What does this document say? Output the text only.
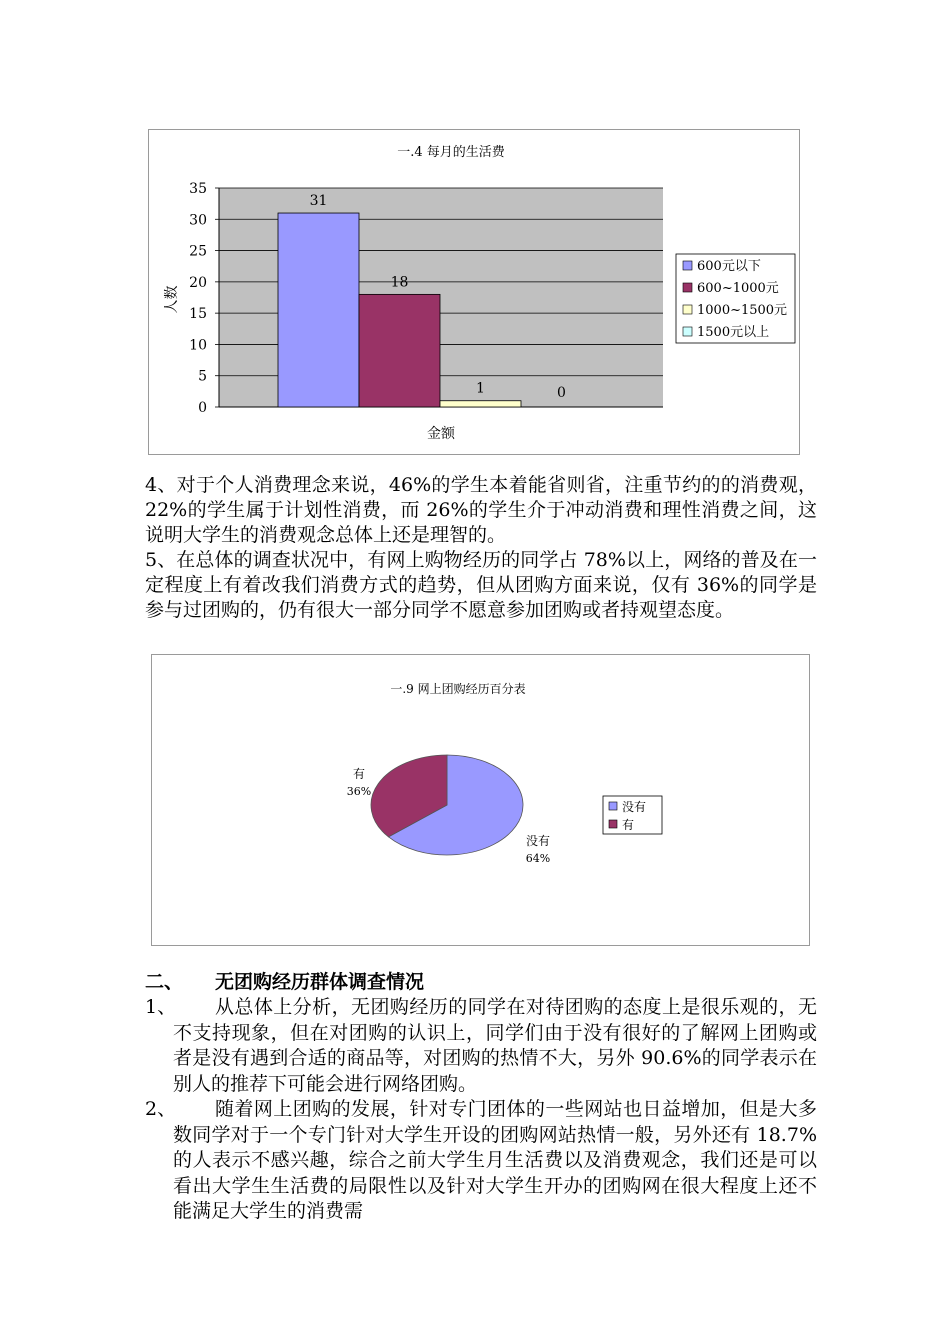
一.4 每月的生活费
0
5
10
15
20
25
30
35
31
18
1	0
金额
人数
600元以下
600~1000元
1000~1500元
1500元以上

4、对于个人消费理念来说，46%的学生本着能省则省，注重节约的的消费观，22%的学生属于计划性消费，而 26%的学生介于冲动消费和理性消费之间，这说明大学生的消费观念总体上还是理智的。

5、在总体的调查状况中，有网上购物经历的同学占 78%以上，网络的普及在一定程度上有着改我们消费方式的趋势，但从团购方面来说，仅有 36%的同学是参与过团购的，仍有很大一部分同学不愿意参加团购或者持观望态度。

一.9 网上团购经历百分表
没有
64%
有
36%
没有
有
二、 无团购经历群体调查情况
1、	从总体上分析，无团购经历的同学在对待团购的态度上是很乐观的，无不支持现象，但在对团购的认识上，同学们由于没有很好的了解网上团购或者是没有遇到合适的商品等，对团购的热情不大，另外 90.6%的同学表示在别人的推荐下可能会进行网络团购。
2、	随着网上团购的发展，针对专门团体的一些网站也日益增加，但是大多数同学对于一个专门针对大学生开设的团购网站热情一般，另外还有 18.7%的人表示不感兴趣，综合之前大学生月生活费以及消费观念，我们还是可以看出大学生生活费的局限性以及针对大学生开办的团购网在很大程度上还不能满足大学生的消费需
